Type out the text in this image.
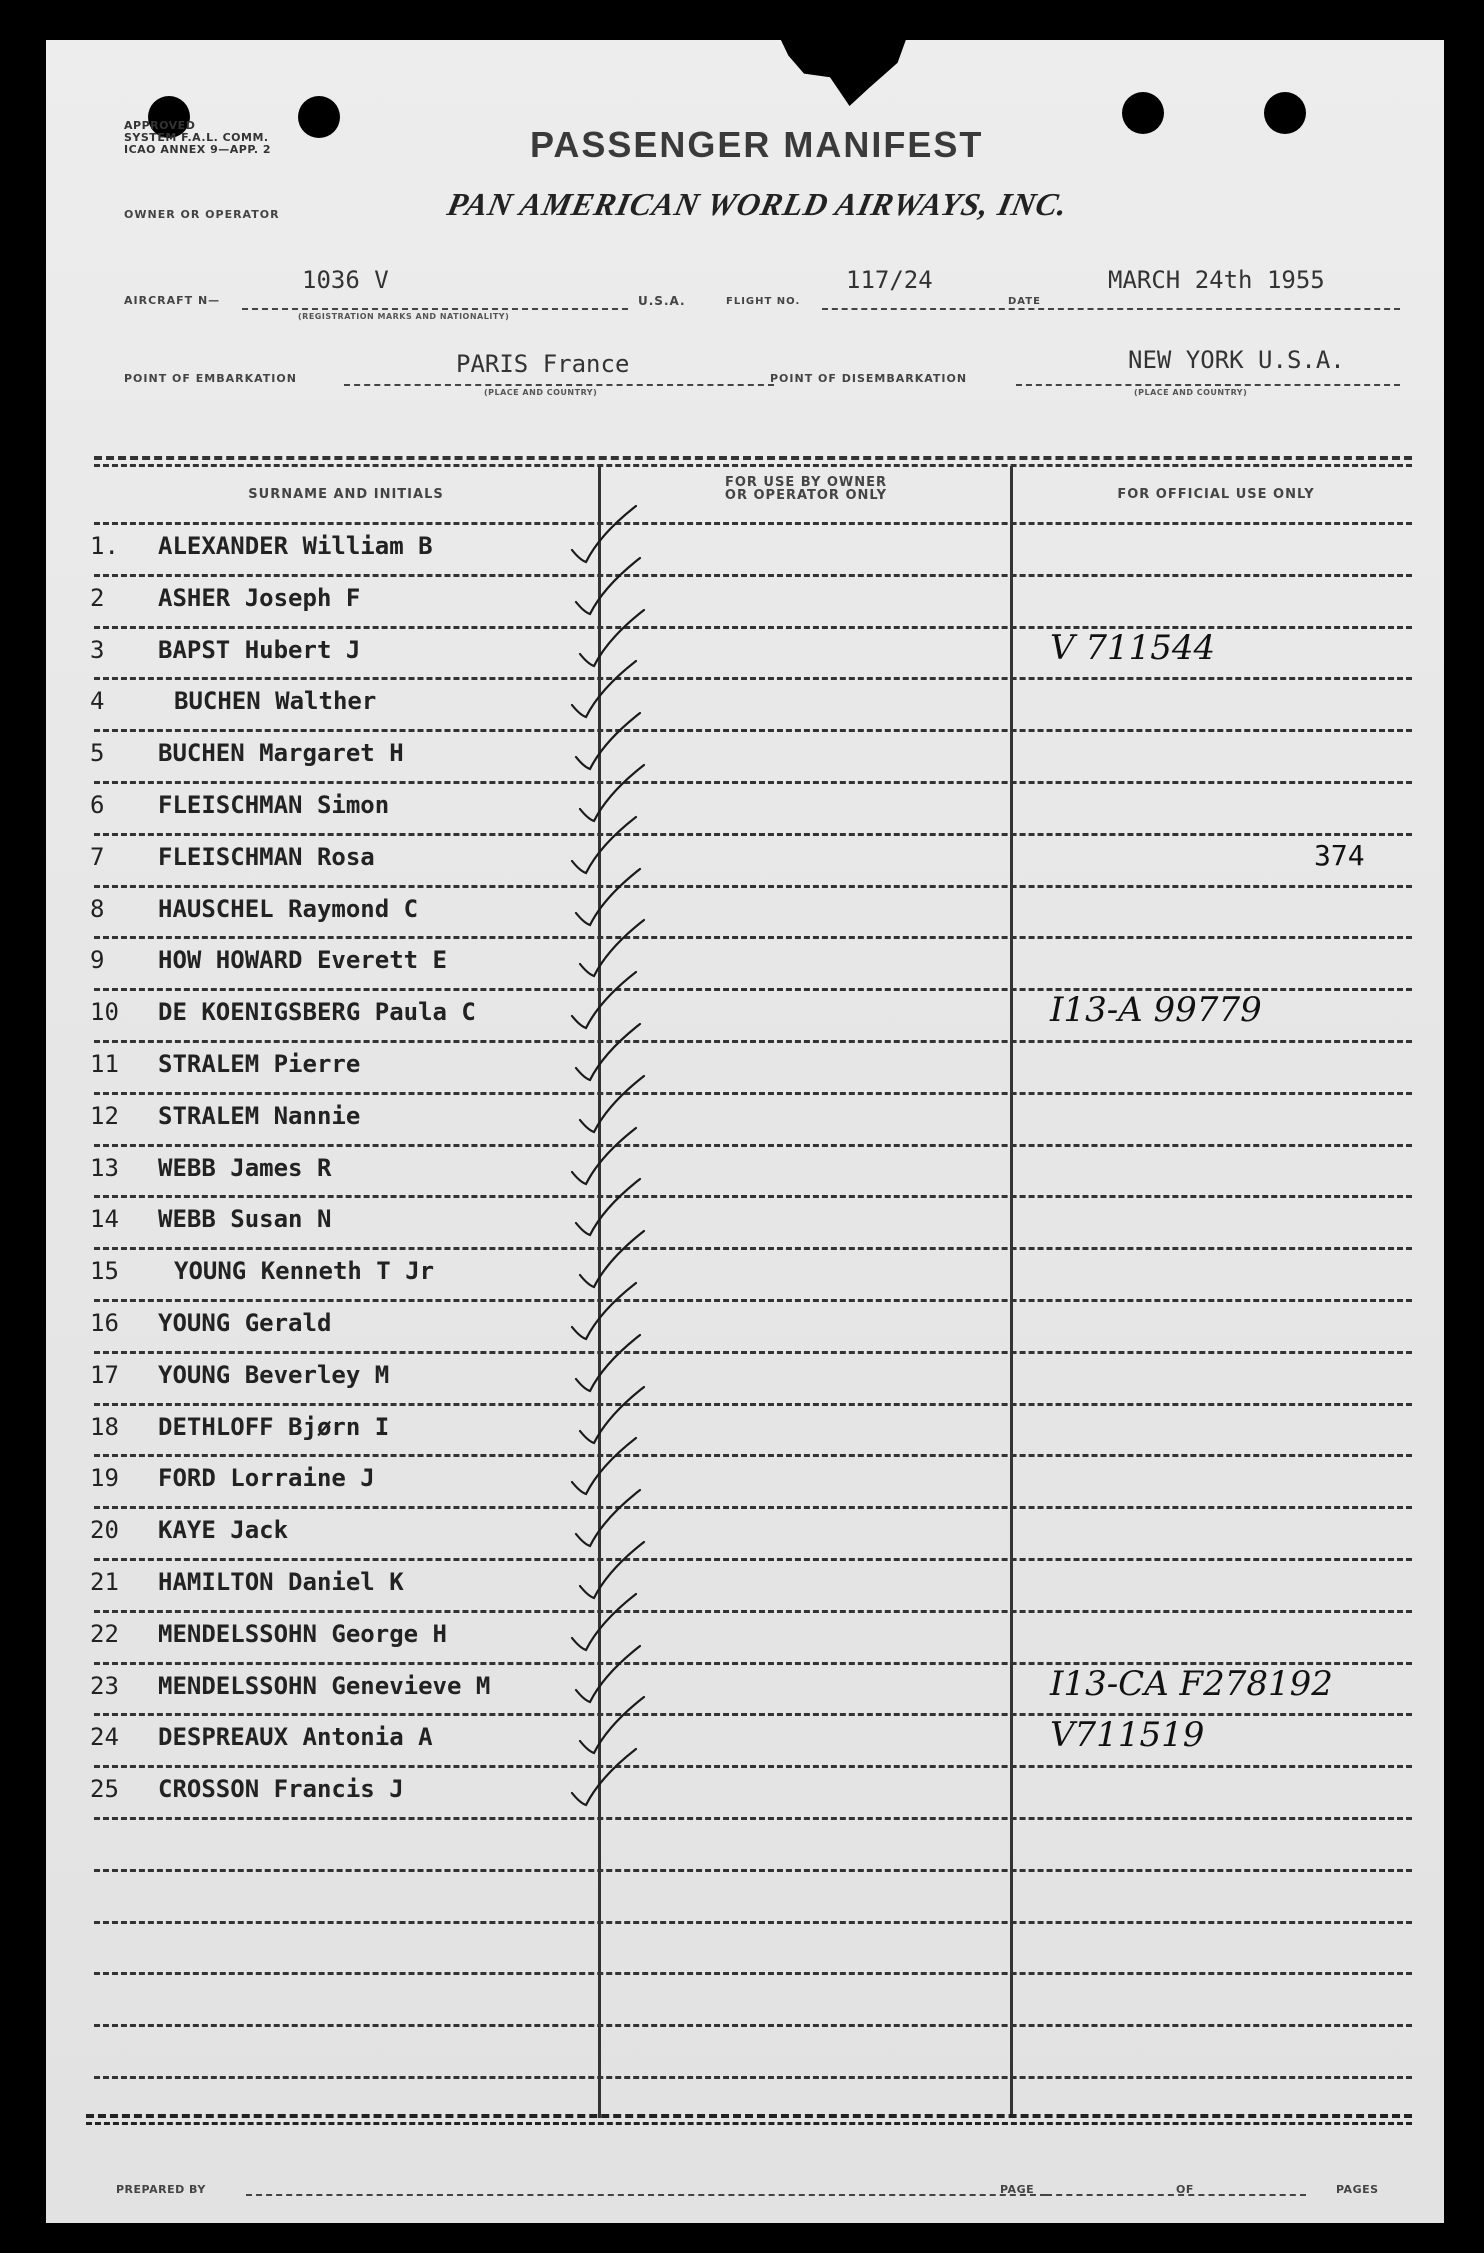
APPROVED
SYSTEM F.A.L. COMM.
ICAO ANNEX 9—APP. 2	PASSENGER MANIFEST
OWNER OR OPERATOR	PAN AMERICAN WORLD AIRWAYS, INC.
AIRCRAFT N—
1036 V
(REGISTRATION MARKS AND NATIONALITY)
U.S.A.	FLIGHT NO.
117/24
DATE
MARCH 24th 1955
POINT OF EMBARKATION
PARIS France
(PLACE AND COUNTRY)
POINT OF DISEMBARKATION
NEW YORK U.S.A.
(PLACE AND COUNTRY)
SURNAME AND INITIALS
FOR USE BY OWNER
OR OPERATOR ONLY	FOR OFFICIAL USE ONLY
1. ALEXANDER William B
2 ASHER Joseph F
3 BAPST Hubert J	V 711544
4	BUCHEN Walther
5 BUCHEN Margaret H
6 FLEISCHMAN Simon
7 FLEISCHMAN Rosa	374
8 HAUSCHEL Raymond C
9 HOW HOWARD Everett E
10 DE KOENIGSBERG Paula C	I13-A 99779
11 STRALEM Pierre
12 STRALEM Nannie
13 WEBB James R
14 WEBB Susan N
15 YOUNG Kenneth T Jr
16 YOUNG Gerald
17 YOUNG Beverley M
18 DETHLOFF Bjørn I
19 FORD Lorraine J
20 KAYE Jack
21 HAMILTON Daniel K
22 MENDELSSOHN George H
23 MENDELSSOHN Genevieve M	I13-CA F278192
24 DESPREAUX Antonia A	V711519
25 CROSSON Francis J
PREPARED BY	PAGE	OF	PAGES
